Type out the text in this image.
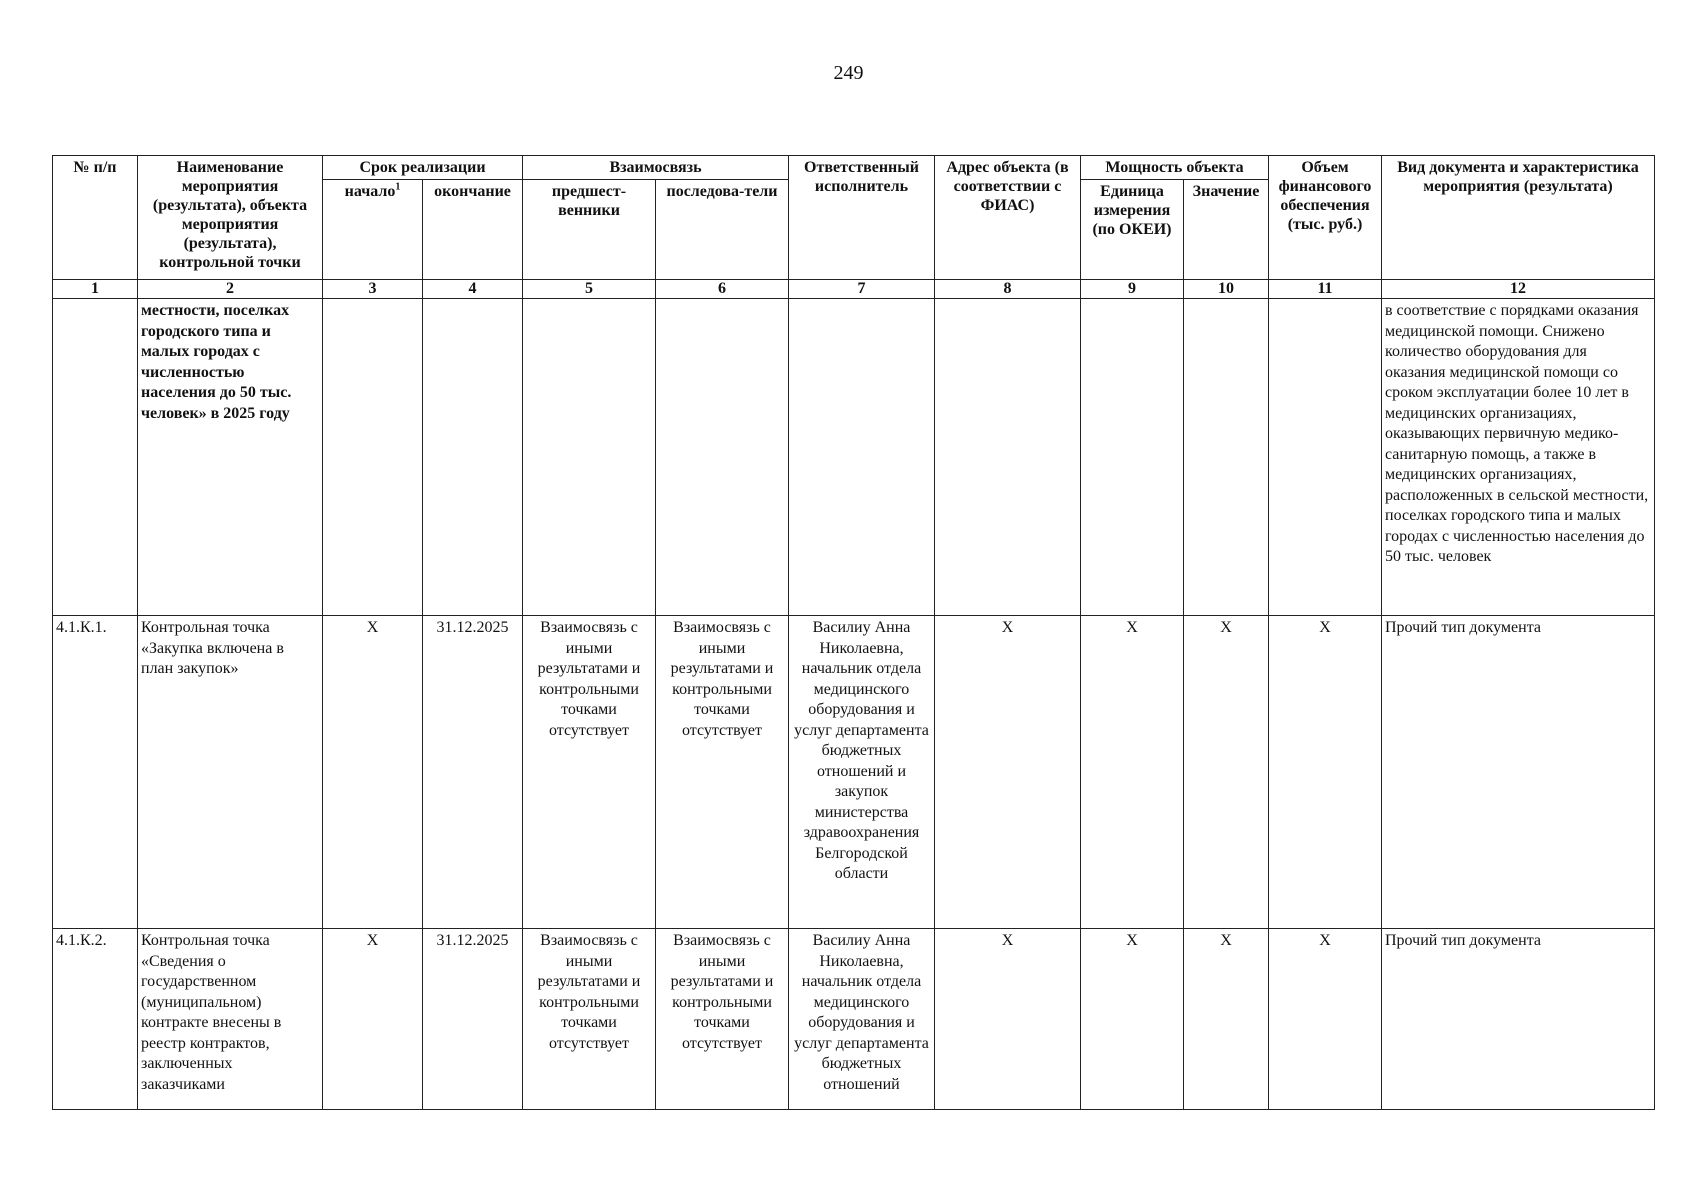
249
№ п/п	Наименование мероприятия (результата), объекта мероприятия (результата), контрольной точки	Срок реализации		Взаимосвязь		Ответственный исполнитель	Адрес объекта (в соответствии с ФИАС)	Мощность объекта		Объем финансового обеспечения (тыс. руб.)	Вид документа и характеристика мероприятия (результата)
		начало$^1$	окончание	предшест-венники	последова-тели			Единица измерения (по ОКЕИ)	Значение		
1	2	3	4	5	6	7	8	9	10	11	12
	местности, поселках городского типа и малых городах с численностью населения до 50 тыс. человек» в 2025 году										в соответствие с порядками оказания медицинской помощи. Снижено количество оборудования для оказания медицинской помощи со сроком эксплуатации более 10 лет в медицинских организациях, оказывающих первичную медико-санитарную помощь, а также в медицинских организациях, расположенных в сельской местности, поселках городского типа и малых городах с численностью населения до 50 тыс. человек
4.1.К.1.	Контрольная точка «Закупка включена в план закупок»	X	31.12.2025	Взаимосвязь с иными результатами и контрольными точками отсутствует	Взаимосвязь с иными результатами и контрольными точками отсутствует	Василиу Анна Николаевна, начальник отдела медицинского оборудования и услуг департамента бюджетных отношений и закупок министерства здравоохранения Белгородской области	X	X	X	X	Прочий тип документа
4.1.К.2.	Контрольная точка «Сведения о государственном (муниципальном) контракте внесены в реестр контрактов, заключенных заказчиками	X	31.12.2025	Взаимосвязь с иными результатами и контрольными точками отсутствует	Взаимосвязь с иными результатами и контрольными точками отсутствует	Василиу Анна Николаевна, начальник отдела медицинского оборудования и услуг департамента бюджетных отношений	X	X	X	X	Прочий тип документа
